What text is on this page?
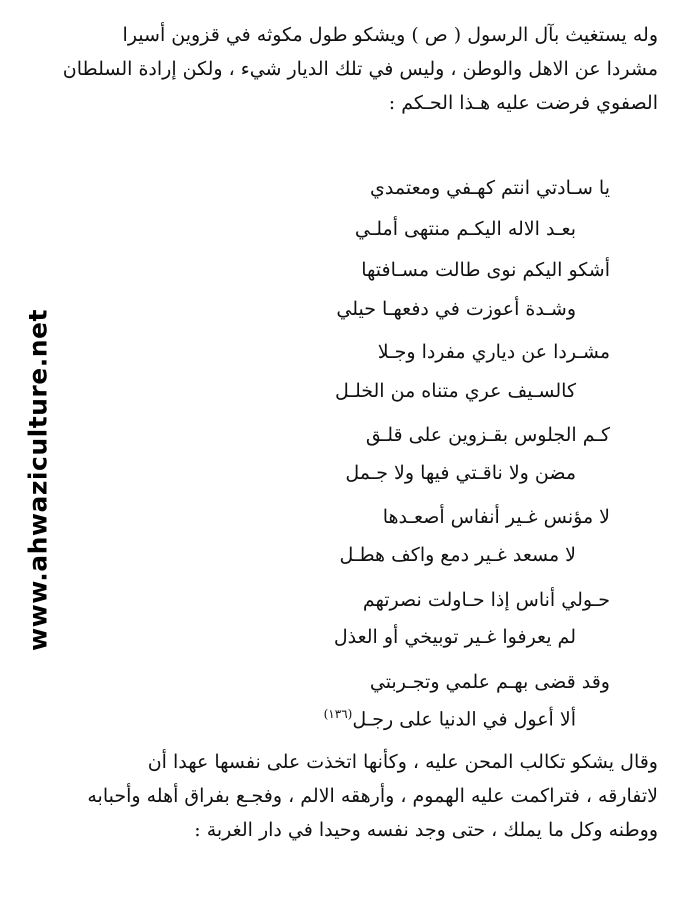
www.ahwaziculture.net

وله يستغيث بآل الرسول ( ص ) ويشكو طول مكوثه في قزوين أسيرا

مشردا عن الاهل والوطن ، وليس في تلك الديار شيء ، ولكن إرادة السلطان

الصفوي فرضت عليه هـذا الحـكم :

يا سـادتي انتم كهـفي ومعتمدي
بعـد الاله اليكـم منتهى أملـي
أشكو اليكم نوى طالت مسـافتها
وشـدة أعوزت في دفعهـا حيلي
مشـردا عن دياري مفردا وجـلا
كالسـيف عري متناه من الخلـل
كـم الجلوس بقـزوين على قلـق
مضن ولا ناقـتي فيها ولا جـمل
لا مؤنس غـير أنفاس أصعـدها
لا مسعد غـير دمع واكف هطـل
حـولي أناس إذا حـاولت نصرتهم
لم يعرفوا غـير توبيخي أو العذل
وقد قضى بهـم علمي وتجـربتي
ألا أعول في الدنيا على رجـل$^{(١٣٦)}$

وقال يشكو تكالب المحن عليه ، وكأنها اتخذت على نفسها عهدا أن

لاتفارقه ، فتراكمت عليه الهموم ، وأرهقه الالم ، وفجـع بفراق أهله وأحبابه

ووطنه وكل ما يملك ، حتى وجد نفسه وحيدا في دار الغربة :
